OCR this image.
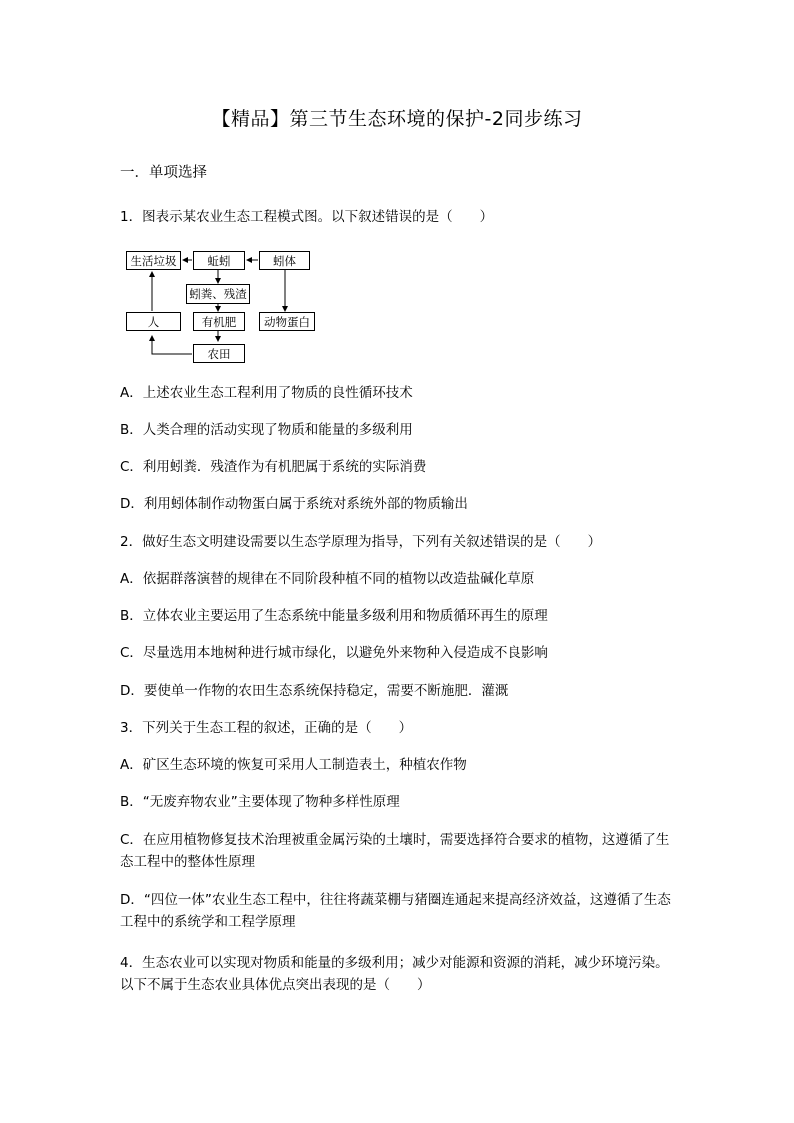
【精品】第三节生态环境的保护-2同步练习
一．单项选择
1．图表示某农业生态工程模式图。以下叙述错误的是（　　）
生活垃圾	蚯蚓	蚓体
蚓粪、残渣
人	有机肥	动物蛋白
农田
A．上述农业生态工程利用了物质的良性循环技术
B．人类合理的活动实现了物质和能量的多级利用
C．利用蚓粪．残渣作为有机肥属于系统的实际消费
D．利用蚓体制作动物蛋白属于系统对系统外部的物质输出
2．做好生态文明建设需要以生态学原理为指导，下列有关叙述错误的是（　　）
A．依据群落演替的规律在不同阶段种植不同的植物以改造盐碱化草原
B．立体农业主要运用了生态系统中能量多级利用和物质循环再生的原理
C．尽量选用本地树种进行城市绿化，以避免外来物种入侵造成不良影响
D．要使单一作物的农田生态系统保持稳定，需要不断施肥．灌溉
3．下列关于生态工程的叙述，正确的是（　　）
A．矿区生态环境的恢复可采用人工制造表土，种植农作物
B．“无废弃物农业”主要体现了物种多样性原理
C．在应用植物修复技术治理被重金属污染的土壤时，需要选择符合要求的植物，这遵循了生态工程中的整体性原理
D．“四位一体”农业生态工程中，往往将蔬菜棚与猪圈连通起来提高经济效益，这遵循了生态工程中的系统学和工程学原理
4．生态农业可以实现对物质和能量的多级利用；减少对能源和资源的消耗，减少环境污染。以下不属于生态农业具体优点突出表现的是（　　）
